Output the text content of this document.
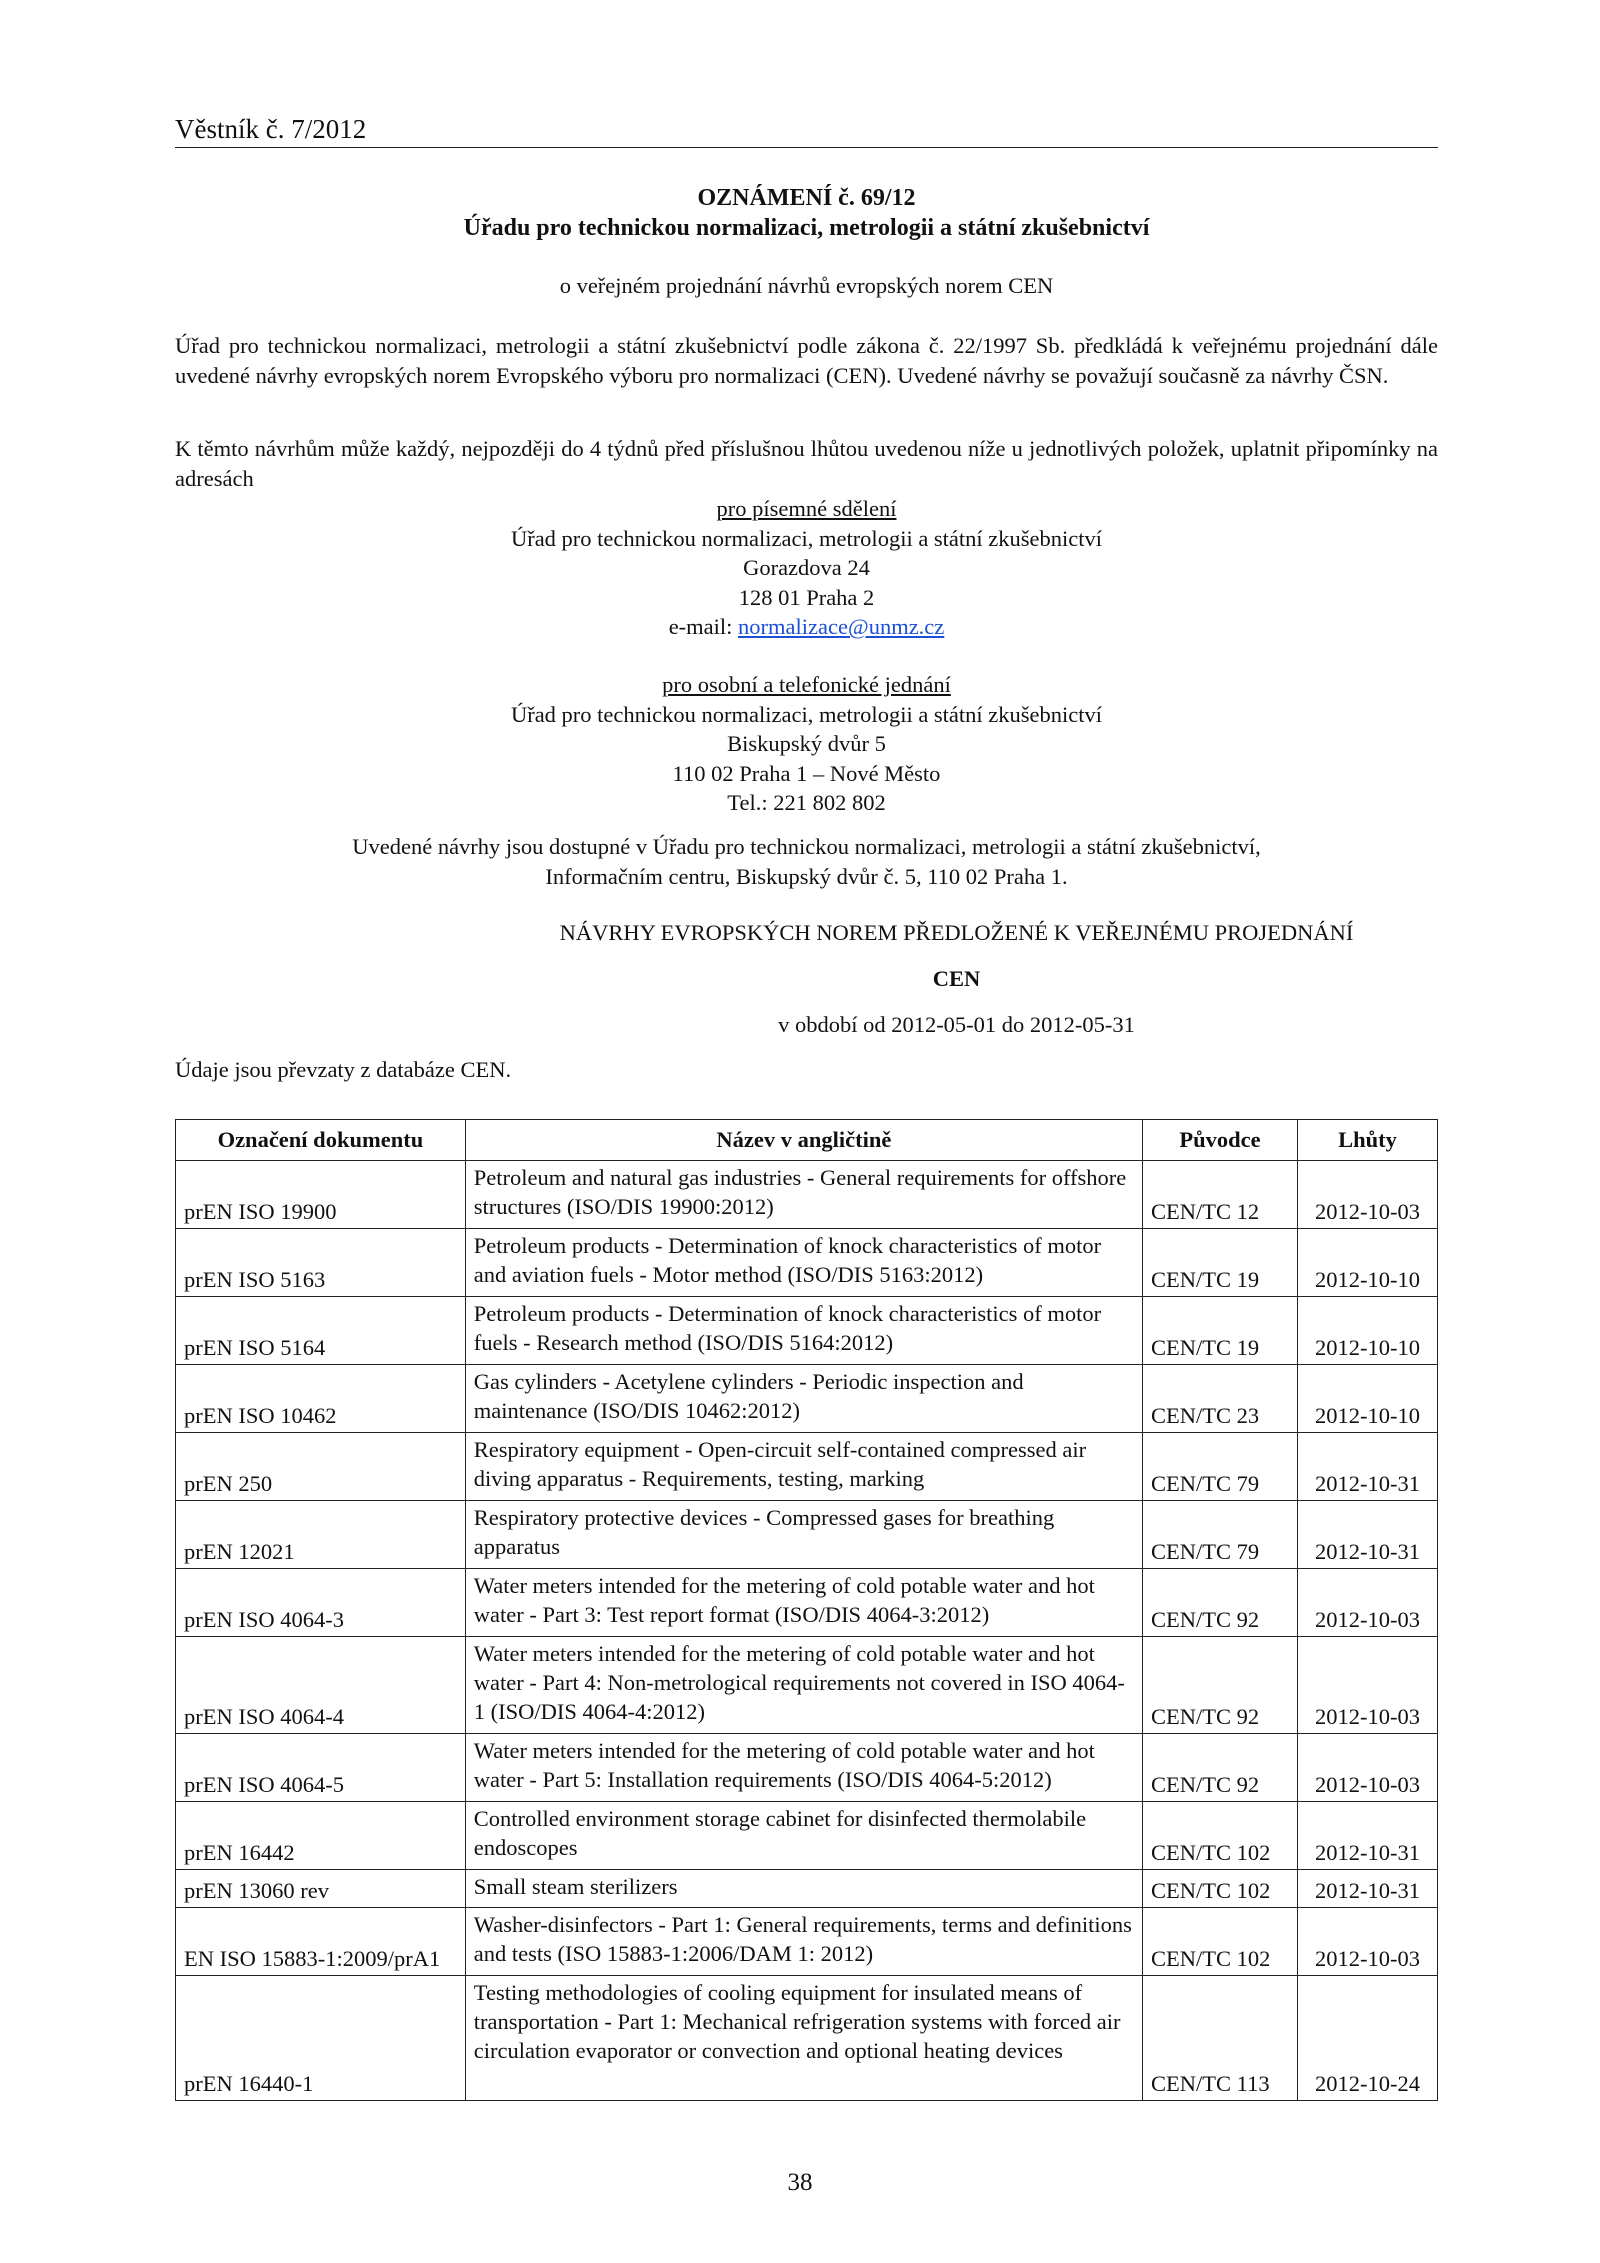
Věstník č. 7/2012
OZNÁMENÍ č. 69/12
Úřadu pro technickou normalizaci, metrologii a státní zkušebnictví
o veřejném projednání návrhů evropských norem CEN
Úřad pro technickou normalizaci, metrologii a státní zkušebnictví podle zákona č. 22/1997 Sb. předkládá k veřejnému projednání dále uvedené návrhy evropských norem Evropského výboru pro normalizaci (CEN). Uvedené návrhy se považují současně za návrhy ČSN.
K těmto návrhům může každý, nejpozději do 4 týdnů před příslušnou lhůtou uvedenou níže u jednotlivých položek, uplatnit připomínky na adresách
pro písemné sdělení
Úřad pro technickou normalizaci, metrologii a státní zkušebnictví
Gorazdova 24
128 01 Praha 2
e-mail: normalizace@unmz.cz
pro osobní a telefonické jednání
Úřad pro technickou normalizaci, metrologii a státní zkušebnictví
Biskupský dvůr 5
110 02 Praha 1 – Nové Město
Tel.: 221 802 802
Uvedené návrhy jsou dostupné v Úřadu pro technickou normalizaci, metrologii a státní zkušebnictví,
Informačním centru, Biskupský dvůr č. 5, 110 02 Praha 1.
NÁVRHY EVROPSKÝCH NOREM PŘEDLOŽENÉ K VEŘEJNÉMU PROJEDNÁNÍ
CEN
v období od 2012-05-01 do 2012-05-31
Údaje jsou převzaty z databáze CEN.
Označení dokumentu	Název v angličtině	Původce	Lhůty
prEN ISO 19900	Petroleum and natural gas industries - General requirements for offshore structures (ISO/DIS 19900:2012)	CEN/TC 12	2012-10-03
prEN ISO 5163	Petroleum products - Determination of knock characteristics of motor and aviation fuels - Motor method (ISO/DIS 5163:2012)	CEN/TC 19	2012-10-10
prEN ISO 5164	Petroleum products - Determination of knock characteristics of motor fuels - Research method (ISO/DIS 5164:2012)	CEN/TC 19	2012-10-10
prEN ISO 10462	Gas cylinders - Acetylene cylinders - Periodic inspection and maintenance (ISO/DIS 10462:2012)	CEN/TC 23	2012-10-10
prEN 250	Respiratory equipment - Open-circuit self-contained compressed air diving apparatus - Requirements, testing, marking	CEN/TC 79	2012-10-31
prEN 12021	Respiratory protective devices - Compressed gases for breathing apparatus	CEN/TC 79	2012-10-31
prEN ISO 4064-3	Water meters intended for the metering of cold potable water and hot water - Part 3: Test report format (ISO/DIS 4064-3:2012)	CEN/TC 92	2012-10-03
prEN ISO 4064-4	Water meters intended for the metering of cold potable water and hot water - Part 4: Non-metrological requirements not covered in ISO 4064-1 (ISO/DIS 4064-4:2012)	CEN/TC 92	2012-10-03
prEN ISO 4064-5	Water meters intended for the metering of cold potable water and hot water - Part 5: Installation requirements (ISO/DIS 4064-5:2012)	CEN/TC 92	2012-10-03
prEN 16442	Controlled environment storage cabinet for disinfected thermolabile endoscopes	CEN/TC 102	2012-10-31
prEN 13060 rev	Small steam sterilizers	CEN/TC 102	2012-10-31
EN ISO 15883-1:2009/prA1	Washer-disinfectors - Part 1: General requirements, terms and definitions and tests (ISO 15883-1:2006/DAM 1: 2012)	CEN/TC 102	2012-10-03
prEN 16440-1	Testing methodologies of cooling equipment for insulated means of transportation - Part 1: Mechanical refrigeration systems with forced air circulation evaporator or convection and optional heating devices	CEN/TC 113	2012-10-24
38
